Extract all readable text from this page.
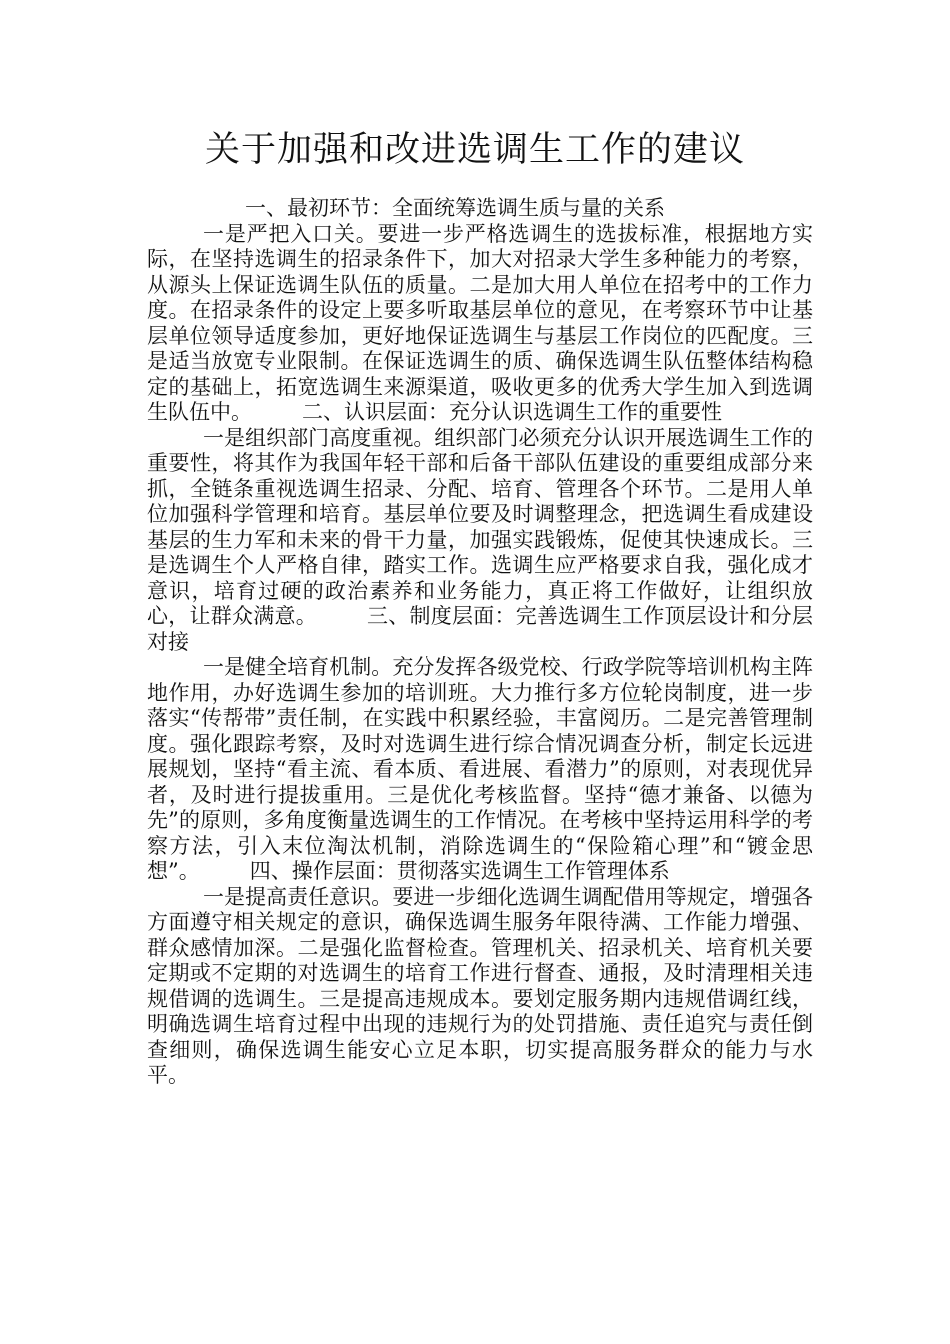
关于加强和改进选调生工作的建议

一、最初环节：全面统筹选调生质与量的关系

一是严把入口关。要进一步严格选调生的选拔标准，根据地方实际，在坚持选调生的招录条件下，加大对招录大学生多种能力的考察，从源头上保证选调生队伍的质量。二是加大用人单位在招考中的工作力度。在招录条件的设定上要多听取基层单位的意见，在考察环节中让基层单位领导适度参加，更好地保证选调生与基层工作岗位的匹配度。三是适当放宽专业限制。在保证选调生的质、确保选调生队伍整体结构稳定的基础上，拓宽选调生来源渠道，吸收更多的优秀大学生加入到选调生队伍中。 二、认识层面：充分认识选调生工作的重要性

一是组织部门高度重视。组织部门必须充分认识开展选调生工作的重要性，将其作为我国年轻干部和后备干部队伍建设的重要组成部分来抓，全链条重视选调生招录、分配、培育、管理各个环节。二是用人单位加强科学管理和培育。基层单位要及时调整理念，把选调生看成建设基层的生力军和未来的骨干力量，加强实践锻炼，促使其快速成长。三是选调生个人严格自律，踏实工作。选调生应严格要求自我，强化成才意识，培育过硬的政治素养和业务能力，真正将工作做好，让组织放心，让群众满意。 三、制度层面：完善选调生工作顶层设计和分层对接

一是健全培育机制。充分发挥各级党校、行政学院等培训机构主阵地作用，办好选调生参加的培训班。大力推行多方位轮岗制度，进一步落实“传帮带”责任制，在实践中积累经验，丰富阅历。二是完善管理制度。强化跟踪考察，及时对选调生进行综合情况调查分析，制定长远进展规划，坚持“看主流、看本质、看进展、看潜力”的原则，对表现优异者，及时进行提拔重用。三是优化考核监督。坚持“德才兼备、以德为先”的原则，多角度衡量选调生的工作情况。在考核中坚持运用科学的考察方法，引入末位淘汰机制，消除选调生的“保险箱心理”和“镀金思想”。 四、操作层面：贯彻落实选调生工作管理体系

一是提高责任意识。要进一步细化选调生调配借用等规定，增强各方面遵守相关规定的意识，确保选调生服务年限待满、工作能力增强、群众感情加深。二是强化监督检查。管理机关、招录机关、培育机关要定期或不定期的对选调生的培育工作进行督查、通报，及时清理相关违规借调的选调生。三是提高违规成本。要划定服务期内违规借调红线，明确选调生培育过程中出现的违规行为的处罚措施、责任追究与责任倒查细则，确保选调生能安心立足本职，切实提高服务群众的能力与水平。
